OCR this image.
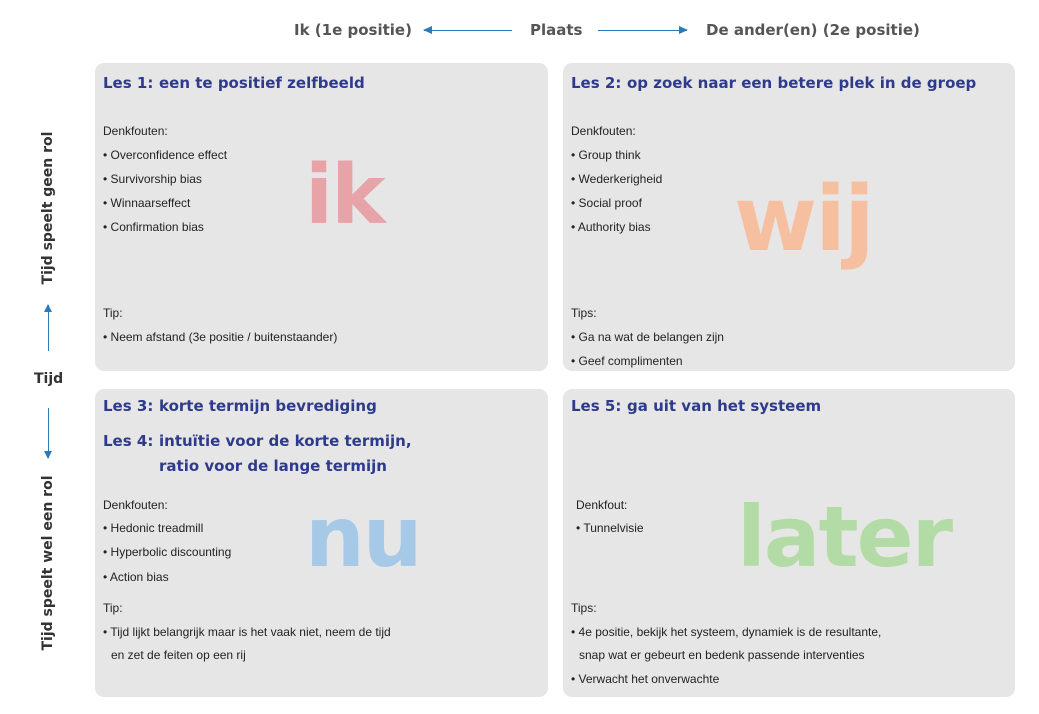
Ik (1e positie)	Plaats	De ander(en) (2e positie)
Tijd speelt geen rol
Tijd
Tijd speelt wel een rol
Les 1: een te positief zelfbeeld
ik
Denkfouten:
• Overconfidence effect
• Survivorship bias
• Winnaarseffect
• Confirmation bias
Tip:
• Neem afstand (3e positie / buitenstaander)
Les 2: op zoek naar een betere plek in de groep
wij
Denkfouten:
• Group think
• Wederkerigheid
• Social proof
• Authority bias
Tips:
• Ga na wat de belangen zijn
• Geef complimenten
Les 3: korte termijn bevrediging
Les 4: intuïtie voor de korte termijn,
ratio voor de lange termijn
nu
Denkfouten:
• Hedonic treadmill
• Hyperbolic discounting
• Action bias
Tip:
• Tijd lijkt belangrijk maar is het vaak niet, neem de tijd
en zet de feiten op een rij
Les 5: ga uit van het systeem
later
Denkfout:
• Tunnelvisie
Tips:
• 4e positie, bekijk het systeem, dynamiek is de resultante,
snap wat er gebeurt en bedenk passende interventies
• Verwacht het onverwachte
